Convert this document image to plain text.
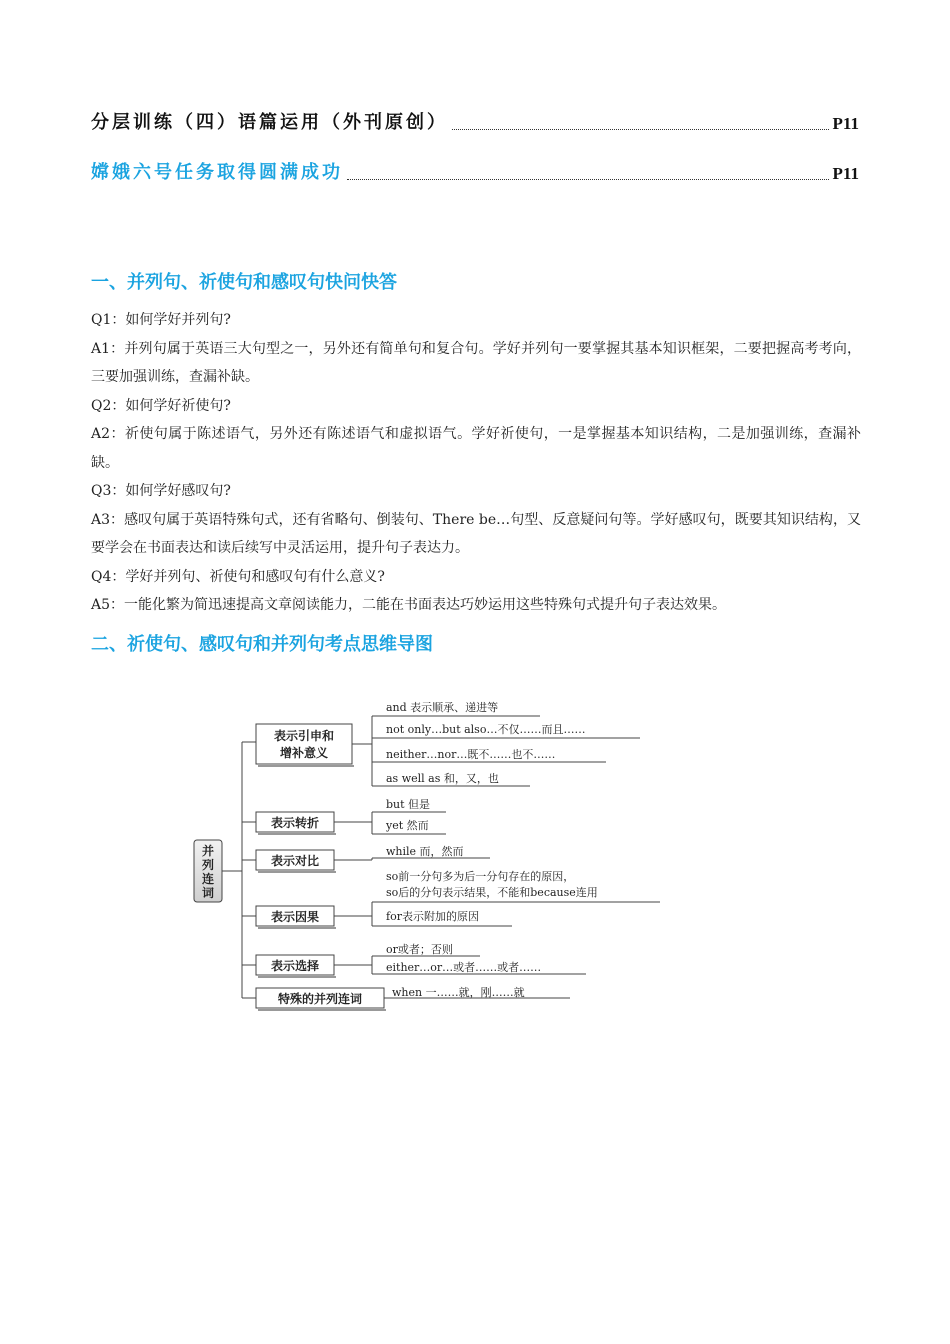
分层训练（四）语篇运用（外刊原创）	P11
嫦娥六号任务取得圆满成功	P11
一、并列句、祈使句和感叹句快问快答

Q1：如何学好并列句?

A1：并列句属于英语三大句型之一，另外还有简单句和复合句。学好并列句一要掌握其基本知识框架，二要把握高考考向，三要加强训练，查漏补缺。

Q2：如何学好祈使句?

A2：祈使句属于陈述语气，另外还有陈述语气和虚拟语气。学好祈使句，一是掌握基本知识结构，二是加强训练，查漏补缺。

Q3：如何学好感叹句?

A3：感叹句属于英语特殊句式，还有省略句、倒装句、There be…句型、反意疑问句等。学好感叹句，既要其知识结构，又要学会在书面表达和读后续写中灵活运用，提升句子表达力。

Q4：学好并列句、祈使句和感叹句有什么意义?

A5：一能化繁为简迅速提高文章阅读能力，二能在书面表达巧妙运用这些特殊句式提升句子表达效果。

二、祈使句、感叹句和并列句考点思维导图
并
列
连
词
表示引申和
增补意义
and 表示顺承、递进等
not only…but also…不仅……而且……
neither…nor…既不……也不……
as well as 和，又，也
表示转折
but 但是
yet 然而
表示对比
while 而，然而
表示因果
so前一分句多为后一分句存在的原因，
so后的分句表示结果，不能和because连用
for表示附加的原因
表示选择
or或者；否则
either…or…或者……或者……
特殊的并列连词	when 一……就，刚……就
